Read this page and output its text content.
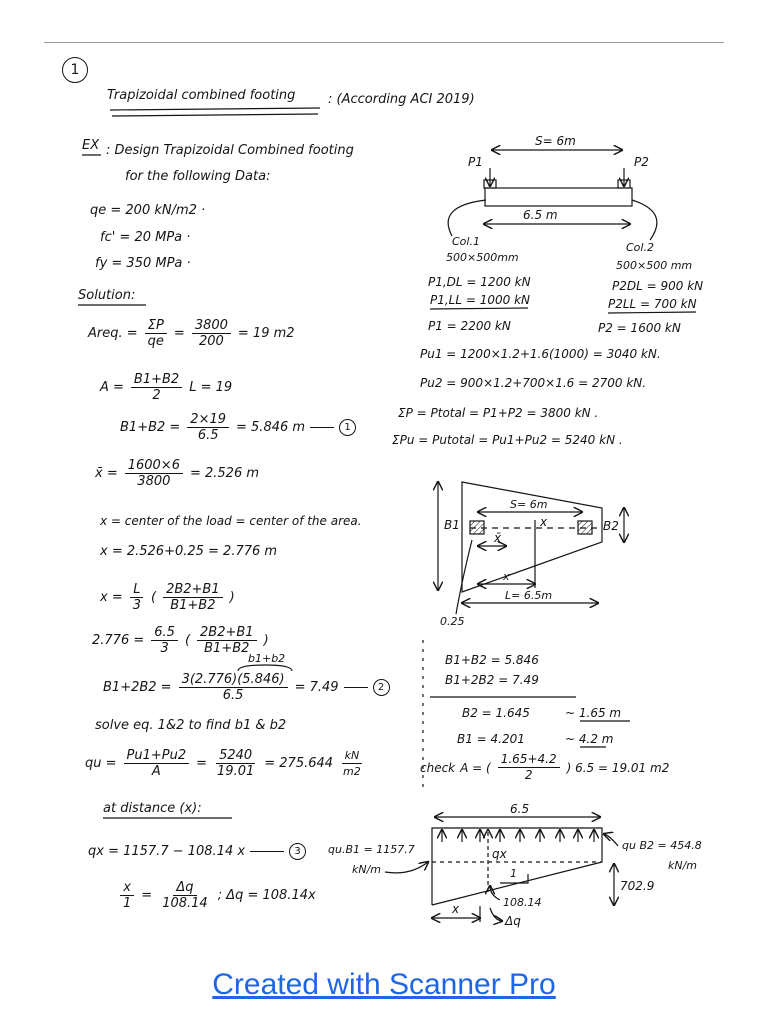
1
Trapizoidal combined footing	: (According ACI 2019)
EX : Design Trapizoidal Combined footing
for the following Data:
qe = 200 kN/m2 ·
fc' = 20 MPa ·
fy = 350 MPa ·
Solution:
Areq. = $\frac{\Sigma P}{qe} = \frac{3800}{200} = 19$ m2
$A = \frac{B1+B2}{2}$ L = 19
$B1+B2 = \frac{2\times 19}{6.5} = 5.846$ m	1
x̄ = $\frac{1600\times 6}{3800} = 2.526$ m
x = center of the load = center of the area.
x = 2.526+0.25 = 2.776 m
$x = \frac{L}{3}$ ( $\frac{2B2+B1}{B1+B2}$ )
$2.776 = \frac{6.5}{3}$ ( $\frac{2B2+B1}{B1+B2}$ )
b1+b2
$B1+2B2 = \frac{3(2.776)(5.846)}{6.5} = 7.49$	2
solve eq. 1&2 to find b1 & b2
qu = $\frac{Pu1+Pu2}{A} = \frac{5240}{19.01} = 275.644 \frac{kN}{m2}$
at distance (x):
qx = 1157.7 − 108.14 x	3
$\frac{x}{1} = \frac{\Delta q}{108.14}$ ; Δq = 108.14x
S= 6m
P1	P2
6.5 m
Col.1
500×500mm
Col.2
500×500 mm
P1,DL = 1200 kN
P1,LL = 1000 kN
P1 = 2200 kN
P2DL = 900 kN
P2LL = 700 kN
P2 = 1600 kN
Pu1 = 1200×1.2+1.6(1000) = 3040 kN.
Pu2 = 900×1.2+700×1.6 = 2700 kN.
ΣP = Ptotal = P1+P2 = 3800 kN .
ΣPu = Putotal = Pu1+Pu2 = 5240 kN .
B1	B2
S= 6m
x̄
x
x
L= 6.5m
0.25
B1+B2 = 5.846
B1+2B2 = 7.49
B2 = 1.645	~ 1.65 m
B1 = 4.201	~ 4.2 m
check A = ( $\frac{1.65+4.2}{2}$ ) 6.5 = 19.01 m2
6.5
qu.B1 = 1157.7
kN/m
qu B2 = 454.8
kN/m
qx
1
108.14
702.9
x
Δq
Created with Scanner Pro
